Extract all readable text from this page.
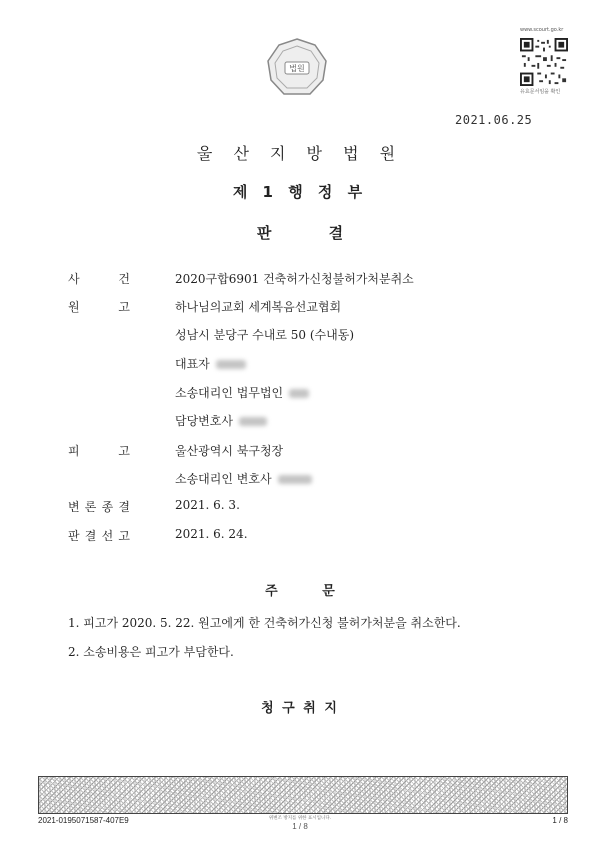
법원
www.scourt.go.kr
유효문서임을 확인
2021.06.25
울 산 지 방 법 원
제 1 행 정 부
판 결
사	건	2020구합6901 건축허가신청불허가처분취소
원	고	하나님의교회 세계복음선교협회
성남시 분당구 수내로 50 (수내동)
대표자
소송대리인 법무법인
담당변호사
피	고	울산광역시 북구청장
소송대리인 변호사
변 론 종 결	2021. 6. 3.
판 결 선 고	2021. 6. 24.
주 문
1. 피고가 2020. 5. 22. 원고에게 한 건축허가신청 불허가처분을 취소한다.
2. 소송비용은 피고가 부담한다.
청 구 취 지
2021-0195071587-407E9	위변조 방지를 위한 표시입니다.
1 / 8
1 / 8
